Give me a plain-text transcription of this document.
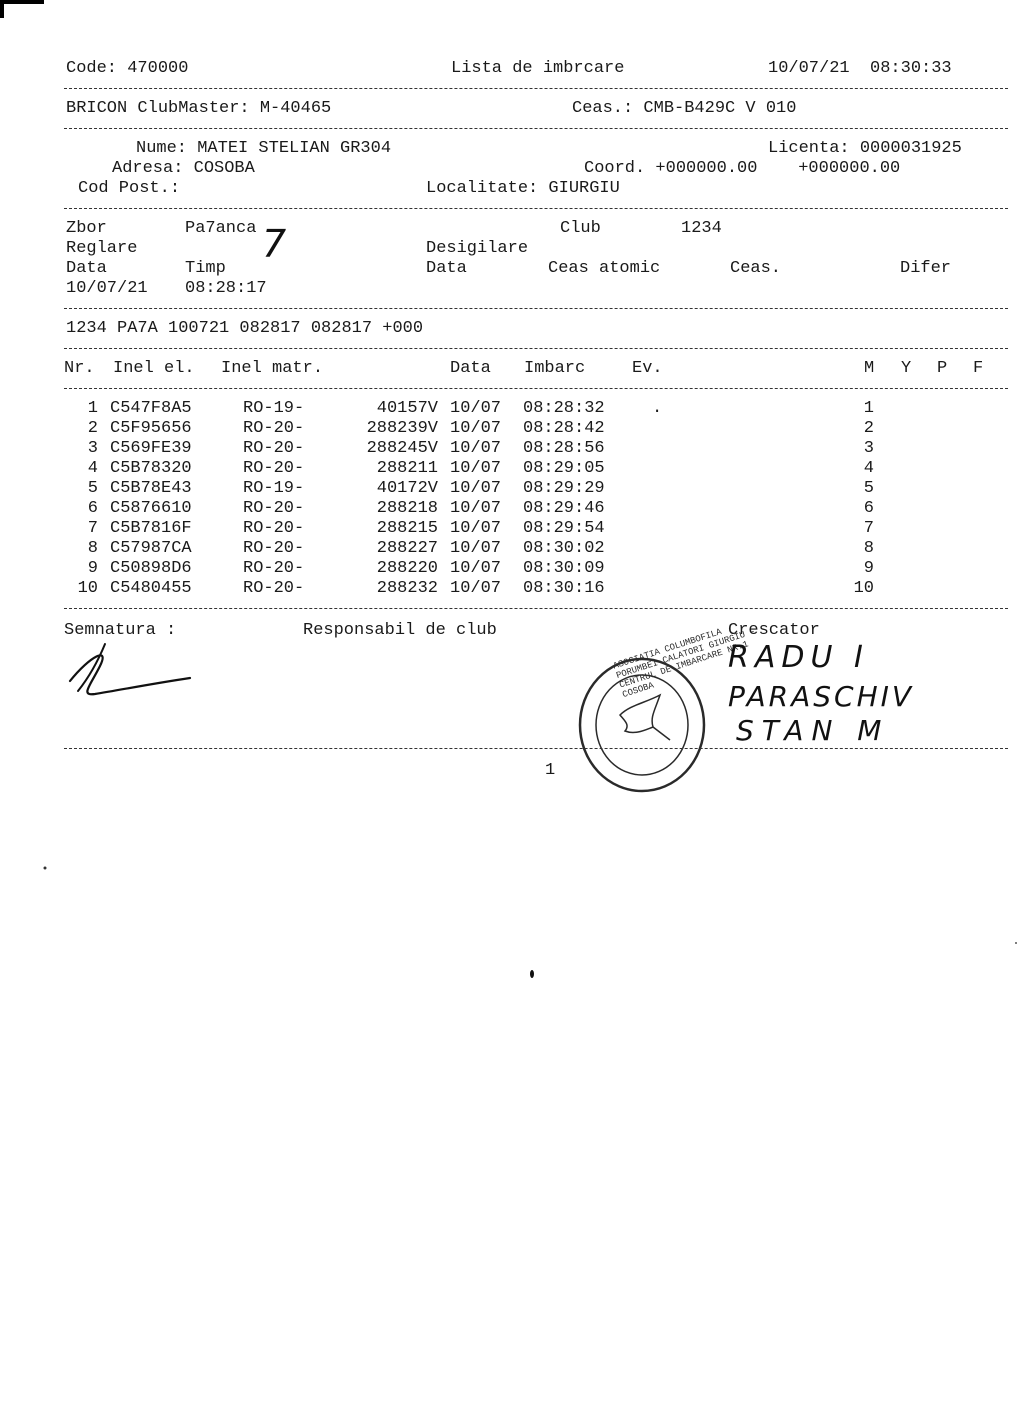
Code: 470000	Lista de imbrcare	10/07/21  08:30:33
BRICON ClubMaster: M-40465	Ceas.: CMB-B429C V 010
Nume: MATEI STELIAN GR304	Licenta: 0000031925
Adresa: COSOBA	Coord. +000000.00    +000000.00
Cod Post.:	Localitate: GIURGIU
Zbor	Pa7anca	Club	1234
Reglare	Desigilare
Data	Timp	Data	Ceas atomic	Ceas.	Difer
10/07/21 08:28:17
7
1234 PA7A 100721 082817 082817 +000
Nr. Inel el. Inel matr.	Data Imbarc	Ev.	M Y P F
1 C547F8A5	RO-19-	40157V 10/07 08:28:32	.	1
2 C5F95656	RO-20-	288239V 10/07 08:28:42	2
3 C569FE39	RO-20-	288245V 10/07 08:28:56	3
4 C5B78320	RO-20-	288211 10/07 08:29:05	4
5 C5B78E43	RO-19-	40172V 10/07 08:29:29	5
6 C5876610	RO-20-	288218 10/07 08:29:46	6
7 C5B7816F	RO-20-	288215 10/07 08:29:54	7
8 C57987CA	RO-20-	288227 10/07 08:30:02	8
9 C50898D6	RO-20-	288220 10/07 08:30:09	9
10 C5480455	RO-20-	288232 10/07 08:30:16	10
Semnatura :	Responsabil de club	Crescator
ASOCIATIA COLUMBOFILA PORUMBEI CALATORI GIURGIU - CENTRUL DE IMBARCARE NR.1 COSOBA
RADU I
PARASCHIV
STAN M
1
